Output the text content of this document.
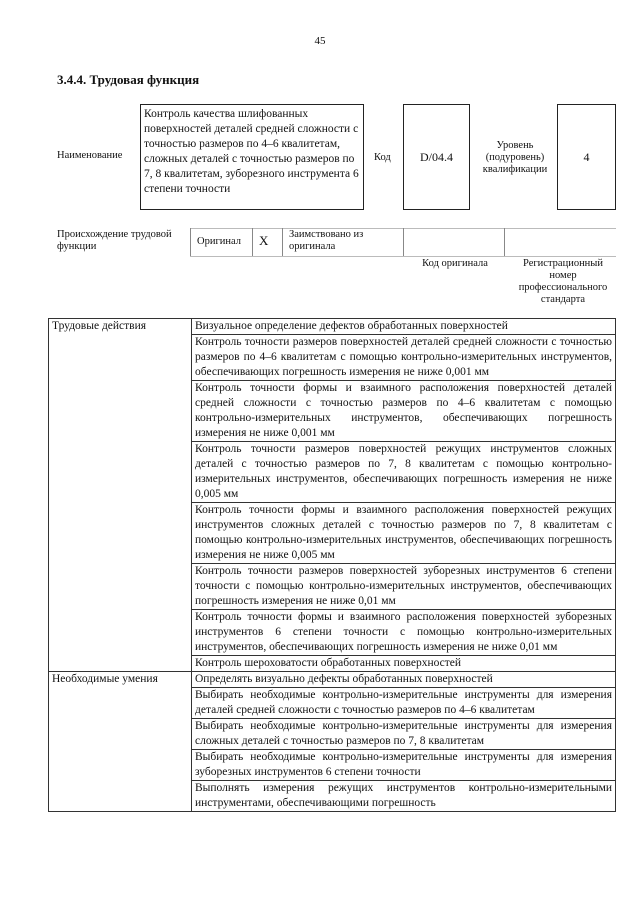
45
3.4.4. Трудовая функция
Наименование
Контроль качества шлифованных поверхностей деталей средней сложности с точностью размеров по 4–6 квалитетам, сложных деталей с точностью размеров по 7, 8 квалитетам, зуборезного инструмента 6 степени точности
Код D/04.4
Уровень (подуровень) квалификации
4
Происхождение трудовой функции	Оригинал X Заимствовано из оригинала
Код оригинала	Регистрационный номер профессионального стандарта
Трудовые действия	Визуальное определение дефектов обработанных поверхностей
	Контроль точности размеров поверхностей деталей средней сложности с точностью размеров по 4–6 квалитетам с помощью контрольно-измерительных инструментов, обеспечивающих погрешность измерения не ниже 0,001 мм
	Контроль точности формы и взаимного расположения поверхностей деталей средней сложности с точностью размеров по 4–6 квалитетам с помощью контрольно-измерительных инструментов, обеспечивающих погрешность измерения не ниже 0,001 мм
	Контроль точности размеров поверхностей режущих инструментов сложных деталей с точностью размеров по 7, 8 квалитетам с помощью контрольно-измерительных инструментов, обеспечивающих погрешность измерения не ниже 0,005 мм
	Контроль точности формы и взаимного расположения поверхностей режущих инструментов сложных деталей с точностью размеров по 7, 8 квалитетам с помощью контрольно-измерительных инструментов, обеспечивающих погрешность измерения не ниже 0,005 мм
	Контроль точности размеров поверхностей зуборезных инструментов 6 степени точности с помощью контрольно-измерительных инструментов, обеспечивающих погрешность измерения не ниже 0,01 мм
	Контроль точности формы и взаимного расположения поверхностей зуборезных инструментов 6 степени точности с помощью контрольно-измерительных инструментов, обеспечивающих погрешность измерения не ниже 0,01 мм
	Контроль шероховатости обработанных поверхностей
Необходимые умения	Определять визуально дефекты обработанных поверхностей
	Выбирать необходимые контрольно-измерительные инструменты для измерения деталей средней сложности с точностью размеров по 4–6 квалитетам
	Выбирать необходимые контрольно-измерительные инструменты для измерения сложных деталей с точностью размеров по 7, 8 квалитетам
	Выбирать необходимые контрольно-измерительные инструменты для измерения зуборезных инструментов 6 степени точности
	Выполнять измерения режущих инструментов контрольно-измерительными инструментами, обеспечивающими погрешность
